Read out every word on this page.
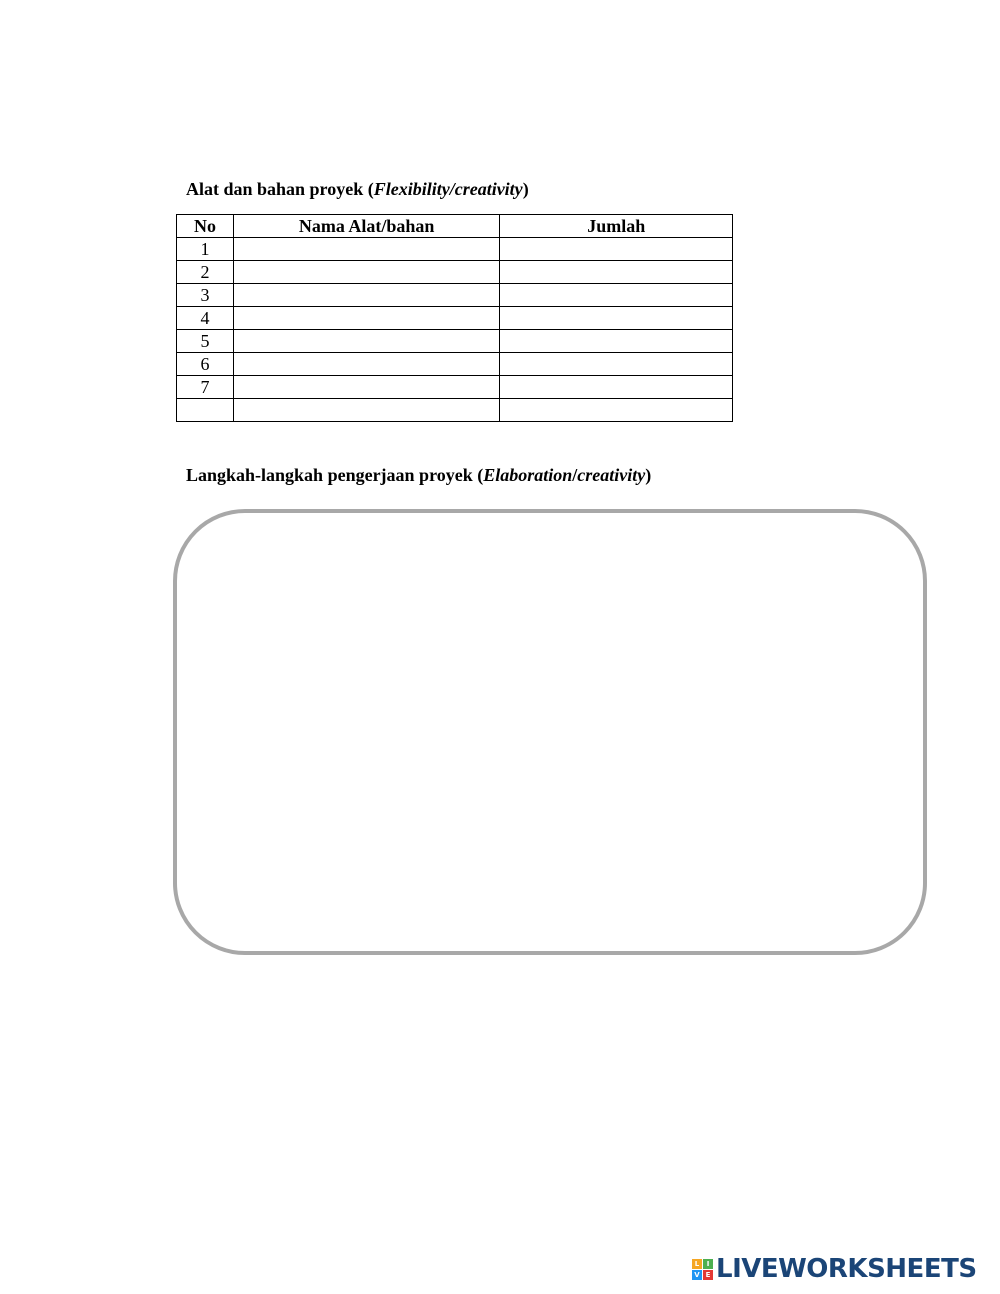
Alat dan bahan proyek (Flexibility/creativity)
No	Nama Alat/bahan	Jumlah
1		
2		
3		
4		
5		
6		
7		

Langkah-langkah pengerjaan proyek (Elaboration/creativity)
L	I
V E LIVEWORKSHEETS
